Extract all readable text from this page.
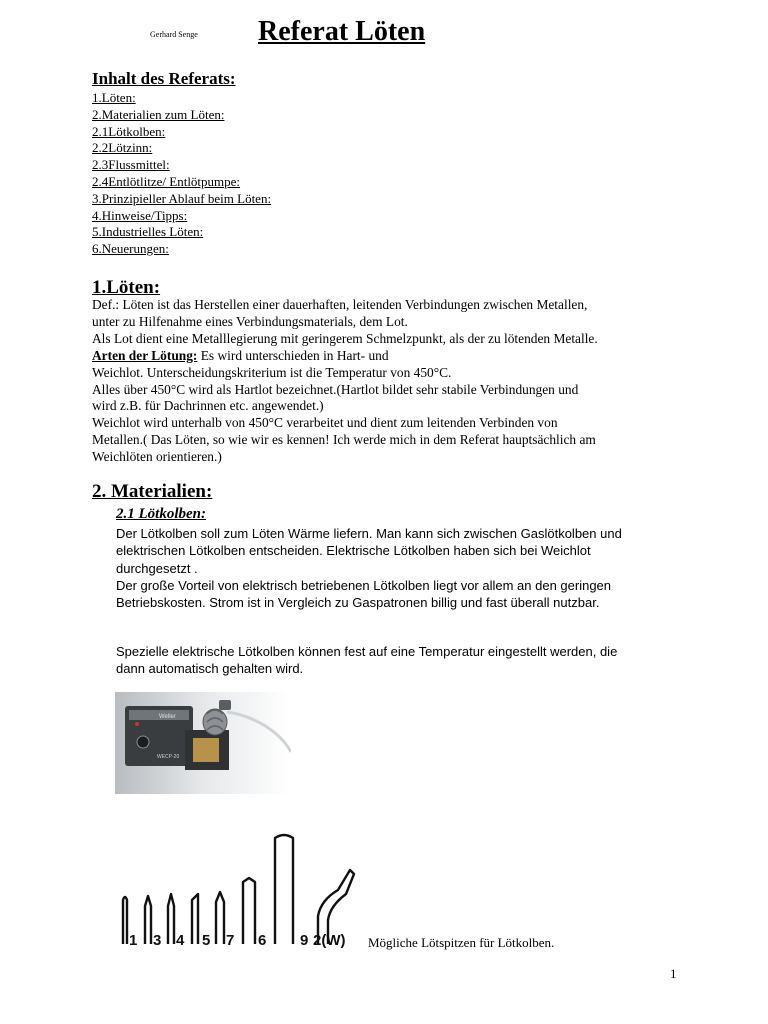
Gerhard Senge Referat Löten
Inhalt des Referats:
1.Löten:
2.Materialien zum Löten:
2.1Lötkolben:
2.2Lötzinn:
2.3Flussmittel:
2.4Entlötlitze/ Entlötpumpe:
3.Prinzipieller Ablauf beim Löten:
4.Hinweise/Tipps:
5.Industrielles Löten:
6.Neuerungen:
1.Löten:

Def.: Löten ist das Herstellen einer dauerhaften, leitenden Verbindungen zwischen Metallen,

unter zu Hilfenahme eines Verbindungsmaterials, dem Lot.

Als Lot dient eine Metalllegierung mit geringerem Schmelzpunkt, als der zu lötenden Metalle.

Arten der Lötung: Es wird unterschieden in Hart- und

Weichlot. Unterscheidungskriterium ist die Temperatur von 450°C.

Alles über 450°C wird als Hartlot bezeichnet.(Hartlot bildet sehr stabile Verbindungen und

wird z.B. für Dachrinnen etc. angewendet.)

Weichlot wird unterhalb von 450°C verarbeitet und dient zum leitenden Verbinden von

Metallen.( Das Löten, so wie wir es kennen! Ich werde mich in dem Referat hauptsächlich am

Weichlöten orientieren.)

2. Materialien:
2.1 Lötkolben:

Der Lötkolben soll zum Löten Wärme liefern. Man kann sich zwischen Gaslötkolben und

elektrischen Lötkolben entscheiden. Elektrische Lötkolben haben sich bei Weichlot

durchgesetzt .

Der große Vorteil von elektrisch betriebenen Lötkolben liegt vor allem an den geringen

Betriebskosten. Strom ist in Vergleich zu Gaspatronen billig und fast überall nutzbar.

Spezielle elektrische Lötkolben können fest auf eine Temperatur eingestellt werden, die

dann automatisch gehalten wird.

Weller
WECP-20
1 3 4 5 7 6 9 2(W) Mögliche Lötspitzen für Lötkolben.
1
